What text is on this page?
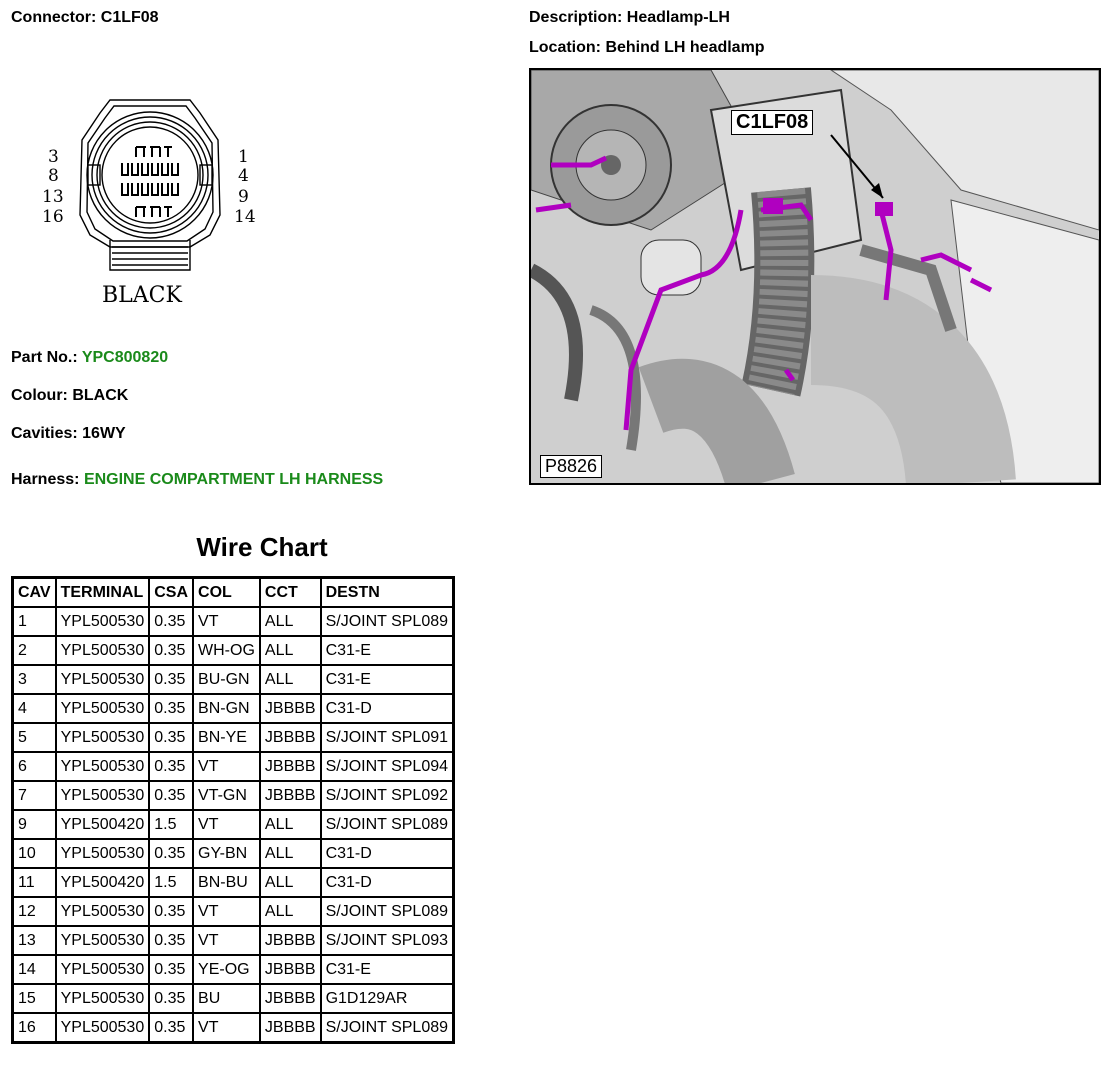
Connector: C1LF08	Description: Headlamp-LH
Location: Behind LH headlamp
3
8
13
16
1
4
9
14
BLACK
C1LF08
P8826
Part No.: YPC800820
Colour: BLACK
Cavities: 16WY
Harness: ENGINE COMPARTMENT LH HARNESS
Wire Chart
CAV	TERMINAL	CSA	COL	CCT	DESTN
1	YPL500530	0.35	VT	ALL	S/JOINT SPL089
2	YPL500530	0.35	WH-OG	ALL	C31-E
3	YPL500530	0.35	BU-GN	ALL	C31-E
4	YPL500530	0.35	BN-GN	JBBBB	C31-D
5	YPL500530	0.35	BN-YE	JBBBB	S/JOINT SPL091
6	YPL500530	0.35	VT	JBBBB	S/JOINT SPL094
7	YPL500530	0.35	VT-GN	JBBBB	S/JOINT SPL092
9	YPL500420	1.5	VT	ALL	S/JOINT SPL089
10	YPL500530	0.35	GY-BN	ALL	C31-D
11	YPL500420	1.5	BN-BU	ALL	C31-D
12	YPL500530	0.35	VT	ALL	S/JOINT SPL089
13	YPL500530	0.35	VT	JBBBB	S/JOINT SPL093
14	YPL500530	0.35	YE-OG	JBBBB	C31-E
15	YPL500530	0.35	BU	JBBBB	G1D129AR
16	YPL500530	0.35	VT	JBBBB	S/JOINT SPL089
